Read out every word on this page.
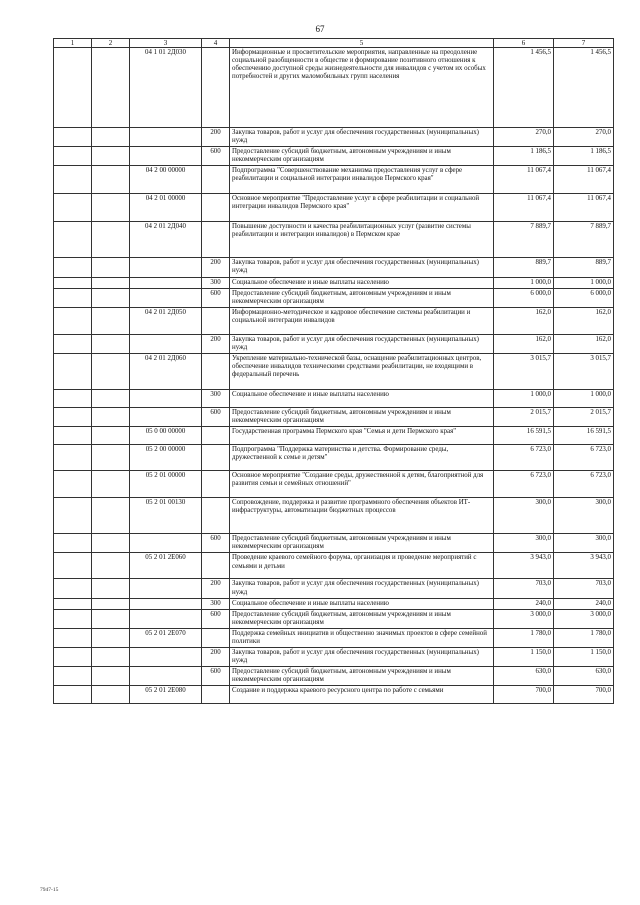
67
1	2	3	4	5	6	7
		04 1 01 2Д030		Информационные и просветительские мероприятия, направленные на преодоление социальной разобщенности в обществе и формирование позитивного отношения к обеспечению доступной среды жизнедеятельности для инвалидов с учетом их особых потребностей и других маломобильных групп населения	1 456,5	1 456,5
			200	Закупка товаров, работ и услуг для обеспечения государственных (муниципальных) нужд	270,0	270,0
			600	Предоставление субсидий бюджетным, автономным учреждениям и иным некоммерческим организациям	1 186,5	1 186,5
		04 2 00 00000		Подпрограмма "Совершенствование механизма предоставления услуг в сфере реабилитации и социальной интеграции инвалидов Пермского края"	11 067,4	11 067,4
		04 2 01 00000		Основное мероприятие "Предоставление услуг в сфере реабилитации и социальной интеграции инвалидов Пермского края"	11 067,4	11 067,4
		04 2 01 2Д040		Повышение доступности и качества реабилитационных услуг (развитие системы реабилитации и интеграции инвалидов) в Пермском крае	7 889,7	7 889,7
			200	Закупка товаров, работ и услуг для обеспечения государственных (муниципальных) нужд	889,7	889,7
			300	Социальное обеспечение и иные выплаты населению	1 000,0	1 000,0
			600	Предоставление субсидий бюджетным, автономным учреждениям и иным некоммерческим организациям	6 000,0	6 000,0
		04 2 01 2Д050		Информационно-методическое и кадровое обеспечение системы реабилитации и социальной интеграции инвалидов	162,0	162,0
			200	Закупка товаров, работ и услуг для обеспечения государственных (муниципальных) нужд	162,0	162,0
		04 2 01 2Д060		Укрепление материально-технической базы, оснащение реабилитационных центров, обеспечение инвалидов техническими средствами реабилитации, не входящими в федеральный перечень	3 015,7	3 015,7
			300	Социальное обеспечение и иные выплаты населению	1 000,0	1 000,0
			600	Предоставление субсидий бюджетным, автономным учреждениям и иным некоммерческим организациям	2 015,7	2 015,7
		05 0 00 00000		Государственная программа Пермского края "Семья и дети Пермского края"	16 591,5	16 591,5
		05 2 00 00000		Подпрограмма "Поддержка материнства и детства. Формирование среды, дружественной к семье и детям"	6 723,0	6 723,0
		05 2 01 00000		Основное мероприятие "Создание среды, дружественной к детям, благоприятной для развития семьи и семейных отношений"	6 723,0	6 723,0
		05 2 01 00130		Сопровождение, поддержка и развитие программного обеспечения объектов ИТ-инфраструктуры, автоматизации бюджетных процессов	300,0	300,0
			600	Предоставление субсидий бюджетным, автономным учреждениям и иным некоммерческим организациям	300,0	300,0
		05 2 01 2Е060		Проведение краевого семейного форума, организация и проведение мероприятий с семьями и детьми	3 943,0	3 943,0
			200	Закупка товаров, работ и услуг для обеспечения государственных (муниципальных) нужд	703,0	703,0
			300	Социальное обеспечение и иные выплаты населению	240,0	240,0
			600	Предоставление субсидий бюджетным, автономным учреждениям и иным некоммерческим организациям	3 000,0	3 000,0
		05 2 01 2Е070		Поддержка семейных инициатив и общественно значимых проектов в сфере семейной политики	1 780,0	1 780,0
			200	Закупка товаров, работ и услуг для обеспечения государственных (муниципальных) нужд	1 150,0	1 150,0
			600	Предоставление субсидий бюджетным, автономным учреждениям и иным некоммерческим организациям	630,0	630,0
		05 2 01 2Е080		Создание и поддержка краевого ресурсного центра по работе с семьями	700,0	700,0
7947-15
